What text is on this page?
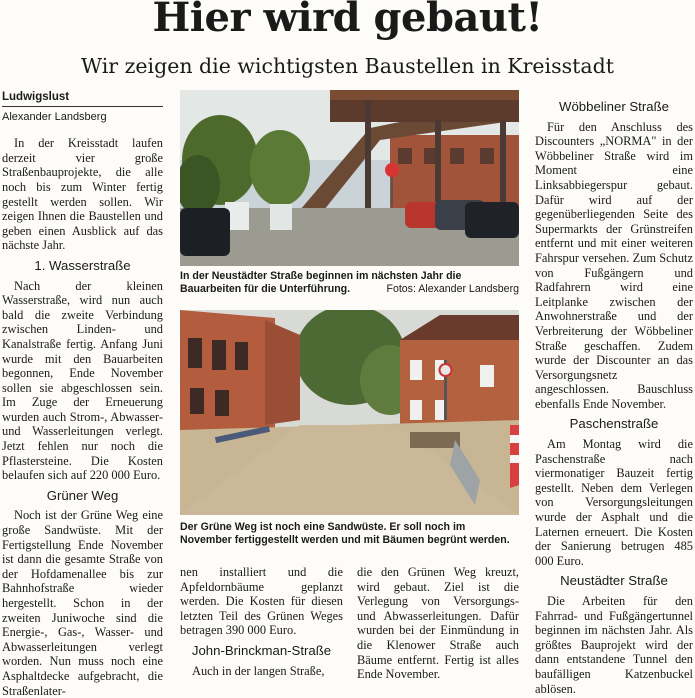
Hier wird gebaut!
Wir zeigen die wichtigsten Baustellen in Kreisstadt
Ludwigslust
Alexander Landsberg

In der Kreisstadt laufen derzeit vier große Straßenbauprojekte, die alle noch bis zum Winter fertig gestellt werden sollen. Wir zeigen Ihnen die Baustellen und geben einen Ausblick auf das nächste Jahr.

1. Wasserstraße

Nach der kleinen Wasserstraße, wird nun auch bald die zweite Verbindung zwischen Linden- und Kanalstraße fertig. Anfang Juni wurde mit den Bauarbeiten begonnen, Ende November sollen sie abgeschlossen sein. Im Zuge der Erneuerung wurden auch Strom-, Abwasser- und Wasserleitungen verlegt. Jetzt fehlen nur noch die Pflastersteine. Die Kosten belaufen sich auf 220 000 Euro.

Grüner Weg

Noch ist der Grüne Weg eine große Sandwüste. Mit der Fertigstellung Ende November ist dann die gesamte Straße von der Hofdamenallee bis zur Bahnhofstraße wieder hergestellt. Schon in der zweiten Juniwoche sind die Energie-, Gas-, Wasser- und Abwasserleitungen verlegt worden. Nun muss noch eine Asphaltdecke aufgebracht, die Straßenlater-

In der Neustädter Straße beginnen im nächsten Jahr die Bauarbeiten für die Unterführung.	Fotos: Alexander Landsberg
Der Grüne Weg ist noch eine Sandwüste. Er soll noch im November fertiggestellt werden und mit Bäumen begrünt werden.

nen installiert und die Apfeldornbäume geplanzt werden. Die Kosten für diesen letzten Teil des Grünen Weges betragen 390 000 Euro.

John-Brinckman-Straße

Auch in der langen Straße,

die den Grünen Weg kreuzt, wird gebaut. Ziel ist die Verlegung von Versorgungs- und Abwasserleitungen. Dafür wurden bei der Einmündung in die Klenower Straße auch Bäume entfernt. Fertig ist alles Ende November.

Wöbbeliner Straße

Für den Anschluss des Discounters „NORMA" in der Wöbbeliner Straße wird im Moment eine Linksabbiegerspur gebaut. Dafür wird auf der gegenüberliegenden Seite des Supermarkts der Grünstreifen entfernt und mit einer weiteren Fahrspur versehen. Zum Schutz von Fußgängern und Radfahrern wird eine Leitplanke zwischen der Anwohnerstraße und der Verbreiterung der Wöbbeliner Straße geschaffen. Zudem wurde der Discounter an das Versorgungsnetz angeschlossen. Bauschluss ebenfalls Ende November.

Paschenstraße

Am Montag wird die Paschenstraße nach viermonatiger Bauzeit fertig gestellt. Neben dem Verlegen von Versorgungsleitungen wurde der Asphalt und die Laternen erneuert. Die Kosten der Sanierung betrugen 485 000 Euro.

Neustädter Straße

Die Arbeiten für den Fahrrad- und Fußgängertunnel beginnen im nächsten Jahr. Als größtes Bauprojekt wird der dann entstandene Tunnel den baufälligen Katzenbuckel ablösen.
